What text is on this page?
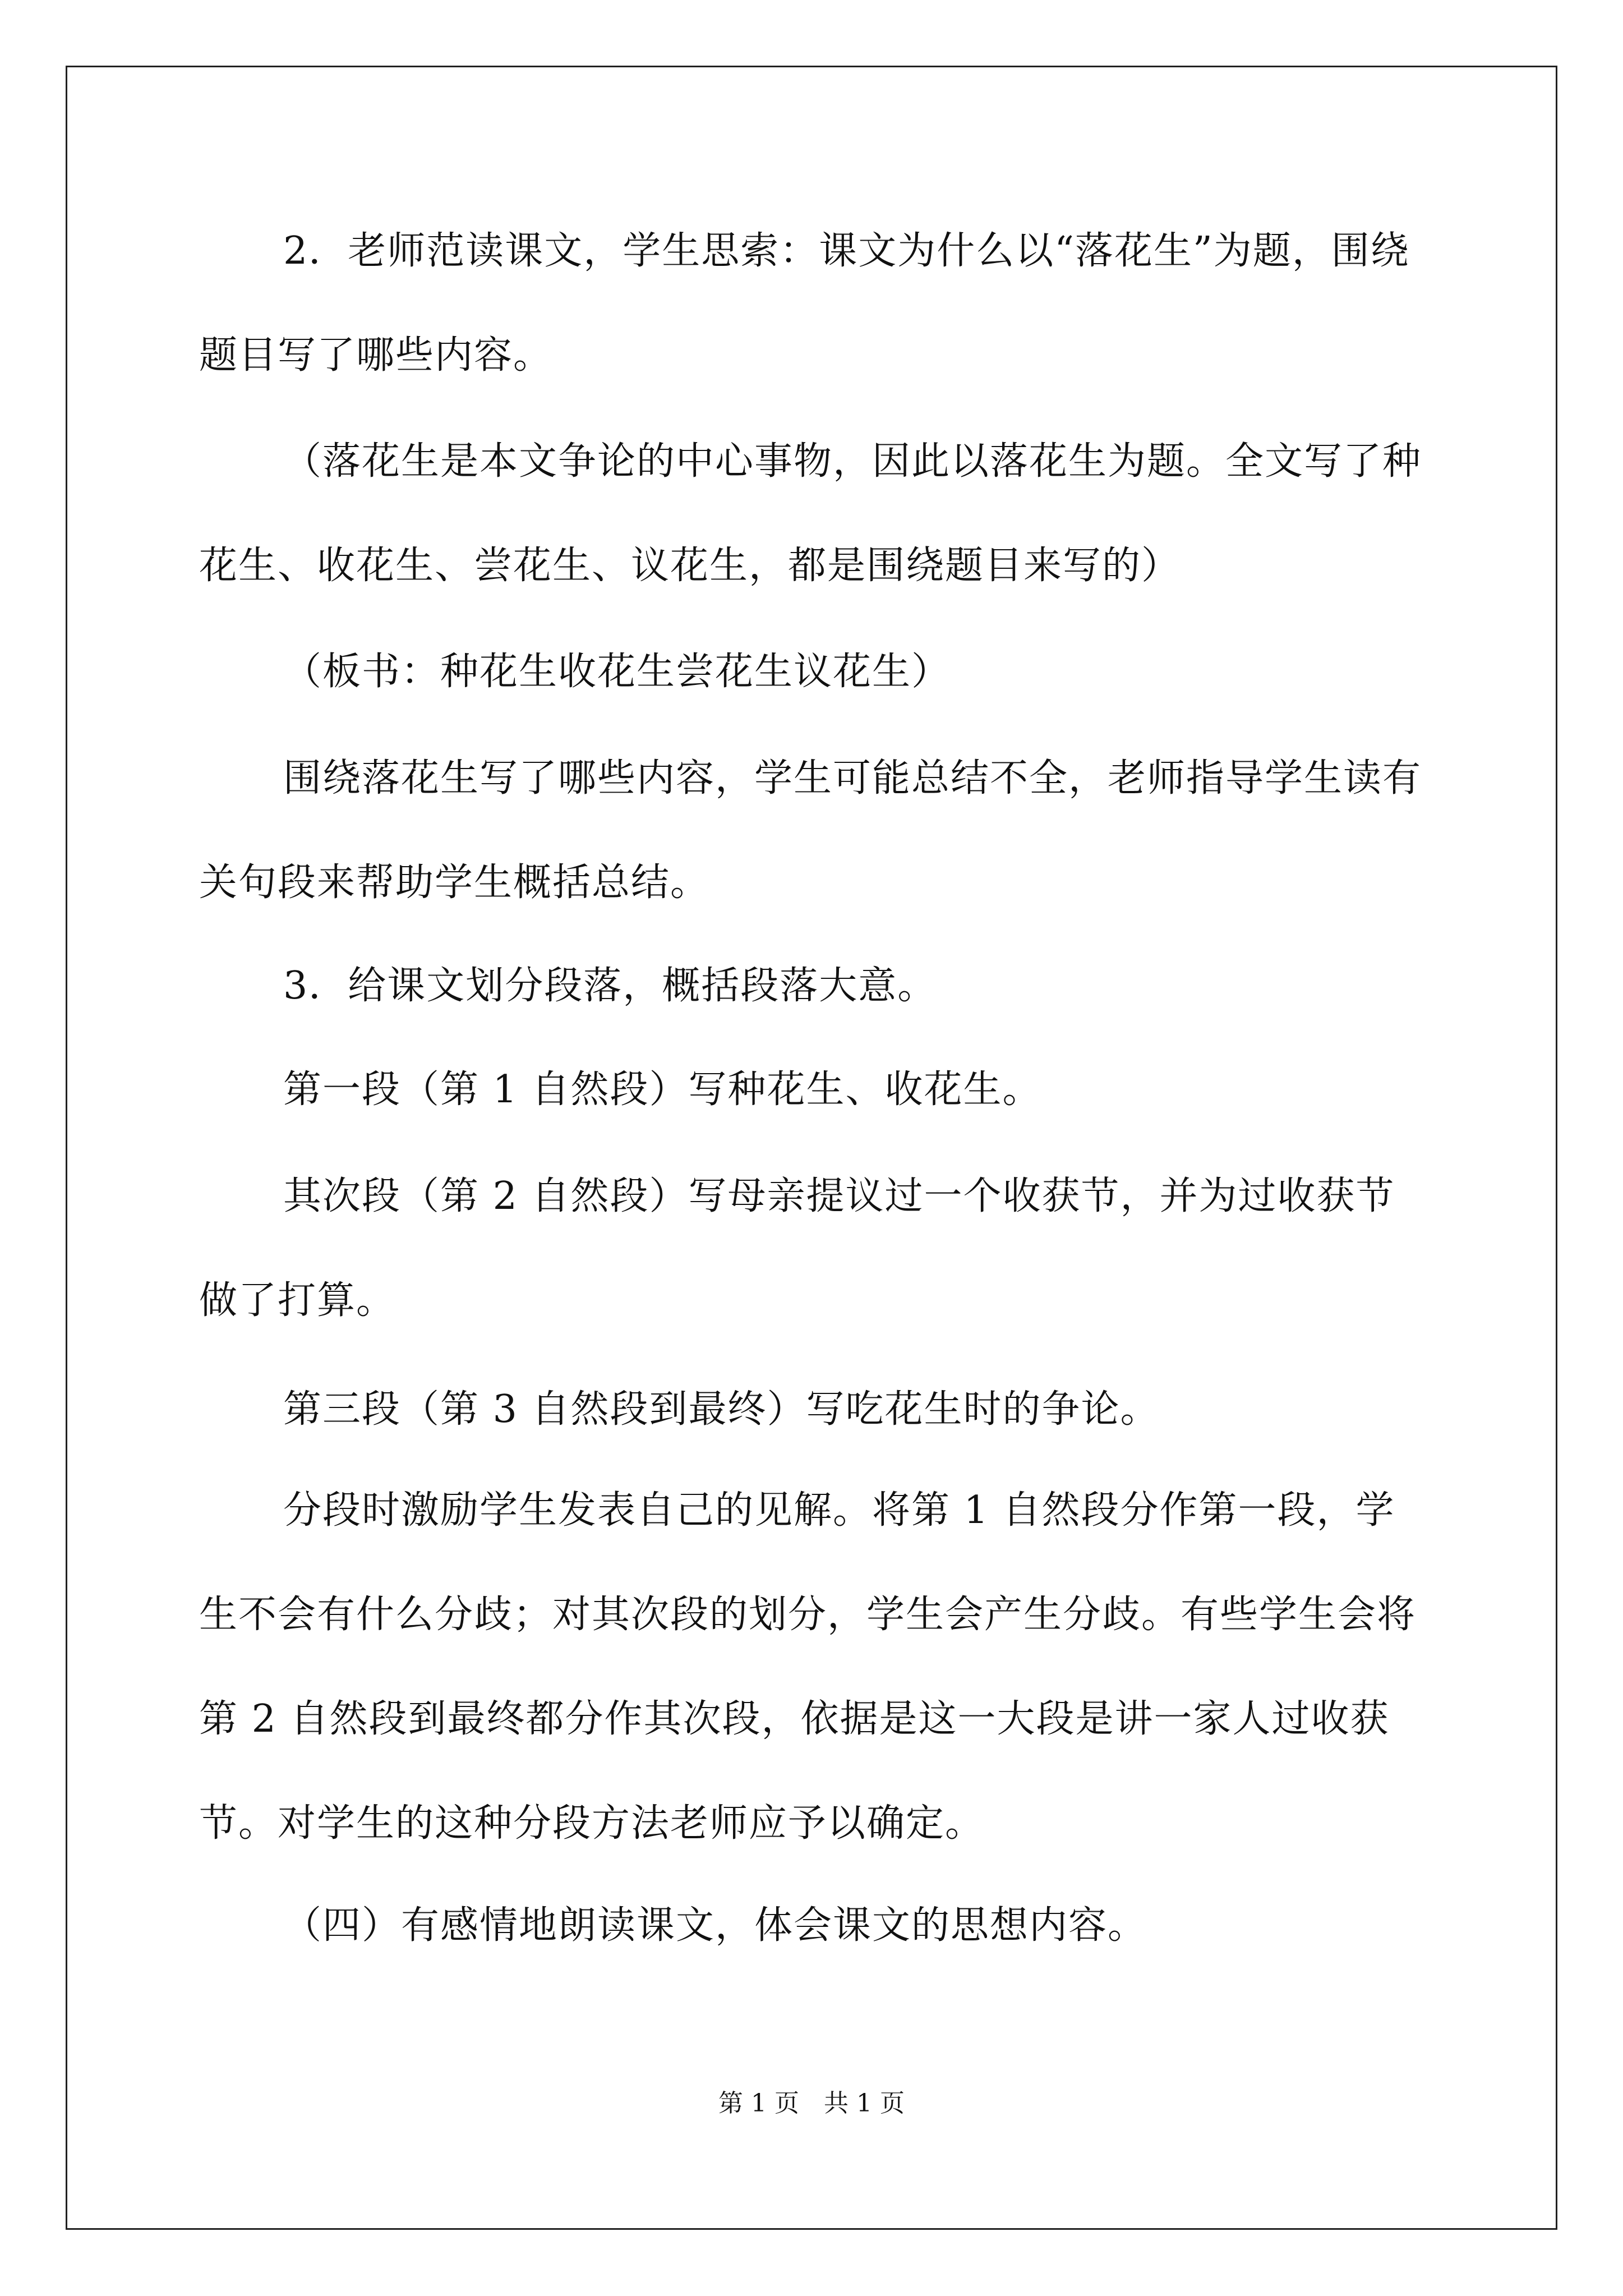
2．老师范读课文，学生思索：课文为什么以“落花生”为题，围绕题目写了哪些内容。
（落花生是本文争论的中心事物，因此以落花生为题。全文写了种花生、收花生、尝花生、议花生，都是围绕题目来写的）
（板书：种花生收花生尝花生议花生）
围绕落花生写了哪些内容，学生可能总结不全，老师指导学生读有关句段来帮助学生概括总结。
3．给课文划分段落，概括段落大意。
第一段（第 1 自然段）写种花生、收花生。
其次段（第 2 自然段）写母亲提议过一个收获节，并为过收获节做了打算。
第三段（第 3 自然段到最终）写吃花生时的争论。
分段时激励学生发表自己的见解。将第 1 自然段分作第一段，学生不会有什么分歧；对其次段的划分，学生会产生分歧。有些学生会将第 2 自然段到最终都分作其次段，依据是这一大段是讲一家人过收获节。对学生的这种分段方法老师应予以确定。
（四）有感情地朗读课文，体会课文的思想内容。
第 1 页　共 1 页
